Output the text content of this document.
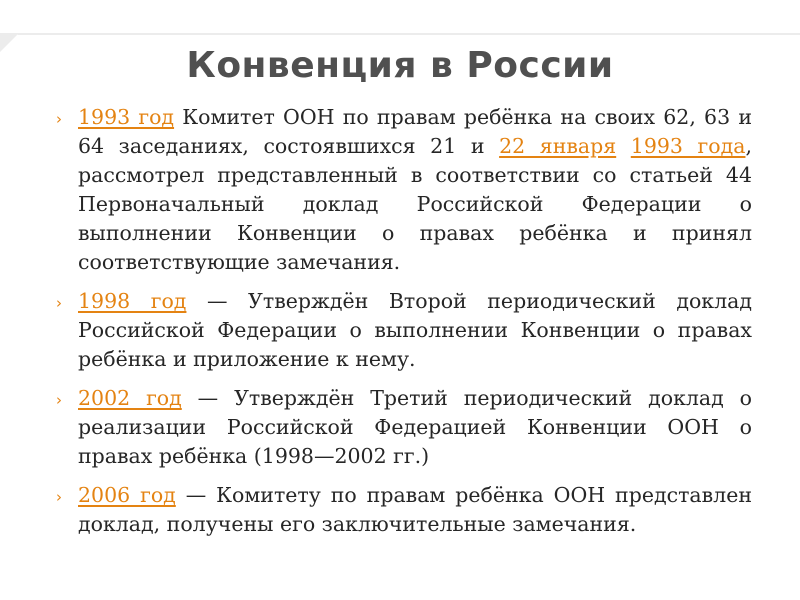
Конвенция в России
› 1993 год Комитет ООН по правам ребёнка на своих 62, 63 и 64 заседаниях, состоявшихся 21 и 22 января 1993 года, рассмотрел представленный в соответствии со статьей 44 Первоначальный доклад Российской Федерации о выполнении Конвенции о правах ребёнка и принял соответствующие замечания.
› 1998 год — Утверждён Второй периодический доклад Российской Федерации о выполнении Конвенции о правах ребёнка и приложение к нему.
› 2002 год — Утверждён Третий периодический доклад о реализации Российской Федерацией Конвенции ООН о правах ребёнка (1998—2002 гг.)
› 2006 год — Комитету по правам ребёнка ООН представлен доклад, получены его заключительные замечания.
